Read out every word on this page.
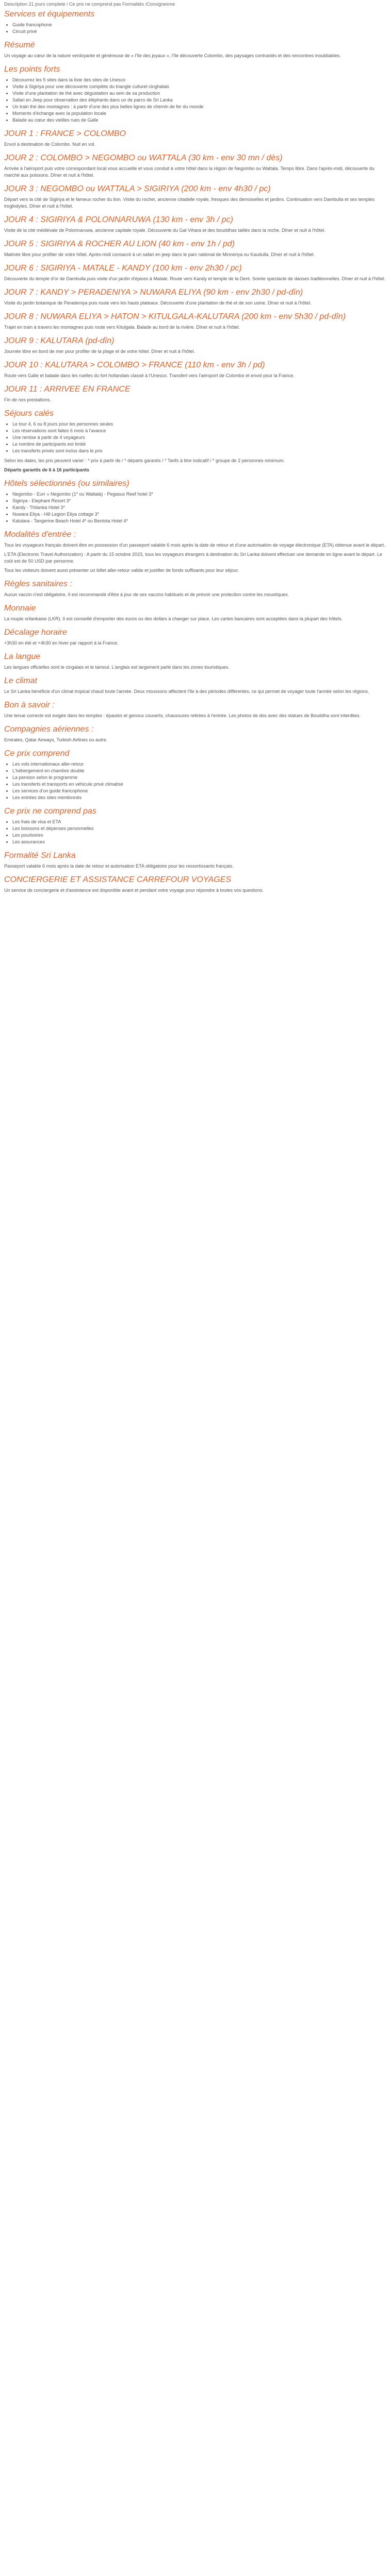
Description 21 jours completé / Ce prix ne comprend pas Formalités /Consignesme

Services et équipements
• Guide francophone
• Circuit privé
Résumé

Un voyage au cœur de la nature verdoyante et généreuse de « l'île des joyaux », l'île découverte Colombo, des paysages contrastés et des rencontres inoubliables.

Les points forts
• Découvrez les 5 sites dans la liste des sites de Unesco
• Visite à Sigiriya pour une découverte complète du triangle culturel cinghalais
• Visite d'une plantation de thé avec dégustation au sein de sa production
• Safari en Jeep pour observation des éléphants dans un de parcs de Sri Lanka
• Un train thé des montagnes : à partir d'une des plus belles lignes de chemin de fer du monde
• Moments d'échange avec la population locale
• Balade au cœur des vieilles rues de Galle
JOUR 1 : FRANCE > COLOMBO

Envol à destination de Colombo. Nuit en vol.

JOUR 2 : COLOMBO > NEGOMBO ou WATTALA (30 km - env 30 mn / dès)

Arrivée à l'aéroport puis votre correspondant local vous accueille et vous conduit à votre hôtel dans la région de Negombo ou Wattala. Temps libre. Dans l'après-midi, découverte du marché aux poissons. Dîner et nuit à l'hôtel.

JOUR 3 : NEGOMBO ou WATTALA > SIGIRIYA (200 km - env 4h30 / pc)

Départ vers la cité de Sigiriya et le fameux rocher du lion. Visite du rocher, ancienne citadelle royale, fresques des demoiselles et jardins. Continuation vers Dambulla et ses temples troglodytes. Dîner et nuit à l'hôtel.

JOUR 4 : SIGIRIYA & POLONNARUWA (130 km - env 3h / pc)

Visite de la cité médiévale de Polonnaruwa, ancienne capitale royale. Découverte du Gal Vihara et des bouddhas taillés dans la roche. Dîner et nuit à l'hôtel.

JOUR 5 : SIGIRIYA & ROCHER AU LION (40 km - env 1h / pd)

Matinée libre pour profiter de votre hôtel. Après-midi consacré à un safari en jeep dans le parc national de Minneriya ou Kaudulla. Dîner et nuit à l'hôtel.

JOUR 6 : SIGIRIYA - MATALE - KANDY (100 km - env 2h30 / pc)

Découverte du temple d'or de Dambulla puis visite d'un jardin d'épices à Matale. Route vers Kandy et temple de la Dent. Soirée spectacle de danses traditionnelles. Dîner et nuit à l'hôtel.

JOUR 7 : KANDY > PERADENIYA > NUWARA ELIYA (90 km - env 2h30 / pd-dîn)

Visite du jardin botanique de Peradeniya puis route vers les hauts plateaux. Découverte d'une plantation de thé et de son usine. Dîner et nuit à l'hôtel.

JOUR 8 : NUWARA ELIYA > HATON > KITULGALA-KALUTARA (200 km - env 5h30 / pd-dîn)

Trajet en train à travers les montagnes puis route vers Kitulgala. Balade au bord de la rivière. Dîner et nuit à l'hôtel.

JOUR 9 : KALUTARA (pd-dîn)

Journée libre en bord de mer pour profiter de la plage et de votre hôtel. Dîner et nuit à l'hôtel.

JOUR 10 : KALUTARA > COLOMBO > FRANCE (110 km - env 3h / pd)

Route vers Galle et balade dans les ruelles du fort hollandais classé à l'Unesco. Transfert vers l'aéroport de Colombo et envol pour la France.

JOUR 11 : ARRIVEE EN FRANCE

Fin de nos prestations.

Séjours calés
• Le tour 4, 6 ou 8 jours pour les personnes seules
• Les réservations sont faites 6 mois à l'avance
• Une remise à partir de 4 voyageurs
• Le nombre de participants est limité
• Les transferts privés sont inclus dans le prix

Selon les dates, les prix peuvent varier : * prix à partir de / * départs garantis / * Tarifs à titre indicatif / * groupe de 2 personnes minimum.

Départs garantis de 6 à 16 participants

Hôtels sélectionnés (ou similaires)
• Negombo - Eurr » Negombo (1* ou Wattala) - Pegasus Reef hotel 3*
• Sigiriya - Elephant Resort 3*
• Kandy - Thilanka Hotel 3*
• Nuwara Eliya - Hill Legion Eliya cottage 3*
• Kalutara - Tangerine Beach Hotel 4* ou Bentota Hotel 4*
Modalités d'entrée :

Tous les voyageurs français doivent être en possession d'un passeport valable 6 mois après la date de retour et d'une autorisation de voyage électronique (ETA) obtenue avant le départ.

L'ETA (Electronic Travel Authorization) : A partir du 15 octobre 2023, tous les voyageurs étrangers à destination du Sri Lanka doivent effectuer une demande en ligne avant le départ. Le coût est de 50 USD par personne.

Tous les visiteurs doivent aussi présenter un billet aller-retour valide et justifier de fonds suffisants pour leur séjour.

Règles sanitaires :

Aucun vaccin n'est obligatoire. Il est recommandé d'être à jour de ses vaccins habituels et de prévoir une protection contre les moustiques.

Monnaie

La roupie srilankaise (LKR). Il est conseillé d'emporter des euros ou des dollars à changer sur place. Les cartes bancaires sont acceptées dans la plupart des hôtels.

Décalage horaire

+3h30 en été et +4h30 en hiver par rapport à la France.

La langue

Les langues officielles sont le cingalais et le tamoul. L'anglais est largement parlé dans les zones touristiques.

Le climat

Le Sri Lanka bénéficie d'un climat tropical chaud toute l'année. Deux moussons affectent l'île à des périodes différentes, ce qui permet de voyager toute l'année selon les régions.

Bon à savoir :

Une tenue correcte est exigée dans les temples : épaules et genoux couverts, chaussures retirées à l'entrée. Les photos de dos avec des statues de Bouddha sont interdites.

Compagnies aériennes :

Emirates, Qatar Airways, Turkish Airlines ou autre.

Ce prix comprend
• Les vols internationaux aller-retour
• L'hébergement en chambre double
• La pension selon le programme
• Les transferts et transports en véhicule privé climatisé
• Les services d'un guide francophone
• Les entrées des sites mentionnés
Ce prix ne comprend pas
• Les frais de visa et ETA
• Les boissons et dépenses personnelles
• Les pourboires
• Les assurances
Formalité Sri Lanka

Passeport valable 6 mois après la date de retour et autorisation ETA obligatoire pour les ressortissants français.

CONCIERGERIE ET ASSISTANCE CARREFOUR VOYAGES

Un service de conciergerie et d'assistance est disponible avant et pendant votre voyage pour répondre à toutes vos questions.
